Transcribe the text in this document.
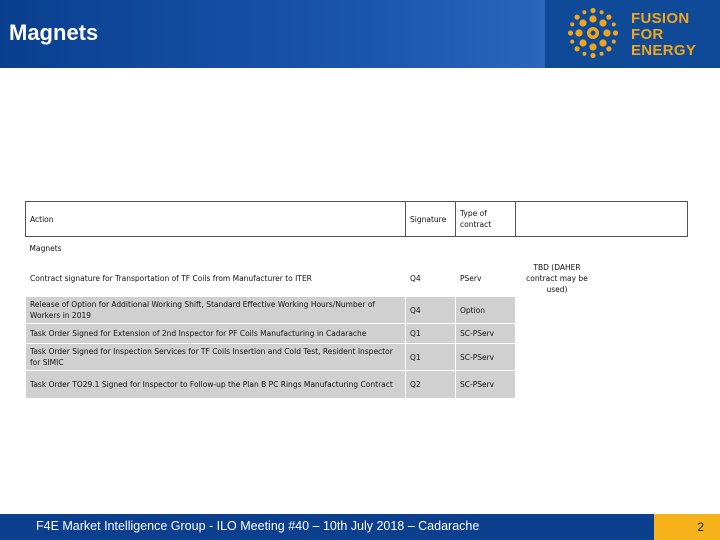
Magnets
FUSION
FOR
ENERGY
Action	Signature	Type of contract	
Magnets			
Contract signature for Transportation of TF Coils from Manufacturer to ITER	Q4	PServ	TBD (DAHER contract may be used)

Release of Option for Additional Working Shift, Standard Effective Working Hours/Number of Workers in 2019	Q4	Option	
Task Order Signed for Extension of 2nd Inspector for PF Coils Manufacturing in Cadarache	Q1	SC-PServ	
Task Order Signed for Inspection Services for TF Coils Insertion and Cold Test, Resident Inspector for SIMIC	Q1	SC-PServ	
Task Order TO29.1 Signed for Inspector to Follow-up the Plan B PC Rings Manufacturing Contract	Q2	SC-PServ	
F4E Market Intelligence Group - ILO Meeting #40 – 10th July 2018 – Cadarache	2
